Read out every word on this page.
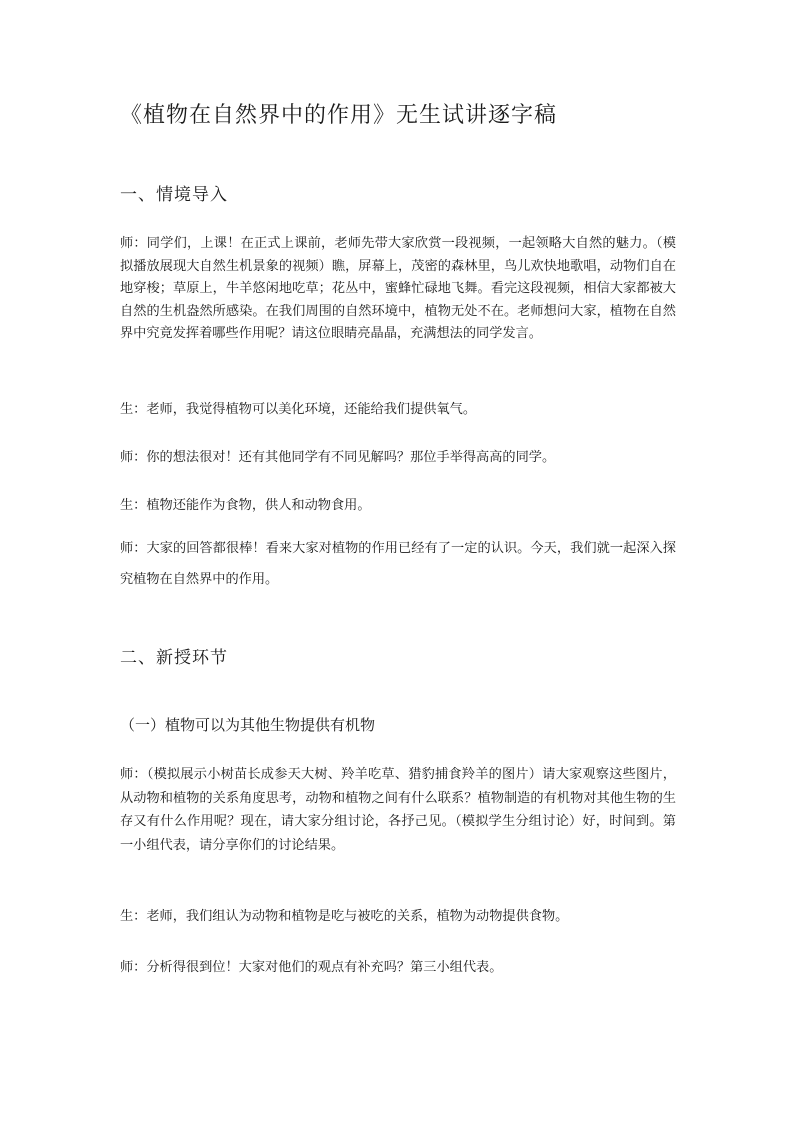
《植物在自然界中的作用》无生试讲逐字稿
一、情境导入
师：同学们，上课！在正式上课前，老师先带大家欣赏一段视频，一起领略大自然的魅力。（模拟播放展现大自然生机景象的视频）瞧，屏幕上，茂密的森林里，鸟儿欢快地歌唱，动物们自在地穿梭；草原上，牛羊悠闲地吃草；花丛中，蜜蜂忙碌地飞舞。看完这段视频，相信大家都被大自然的生机盎然所感染。在我们周围的自然环境中，植物无处不在。老师想问大家，植物在自然界中究竟发挥着哪些作用呢？请这位眼睛亮晶晶，充满想法的同学发言。
生：老师，我觉得植物可以美化环境，还能给我们提供氧气。
师：你的想法很对！还有其他同学有不同见解吗？那位手举得高高的同学。
生：植物还能作为食物，供人和动物食用。
师：大家的回答都很棒！看来大家对植物的作用已经有了一定的认识。今天，我们就一起深入探究植物在自然界中的作用。
二、新授环节
（一）植物可以为其他生物提供有机物
师：（模拟展示小树苗长成参天大树、羚羊吃草、猎豹捕食羚羊的图片）请大家观察这些图片，从动物和植物的关系角度思考，动物和植物之间有什么联系？植物制造的有机物对其他生物的生存又有什么作用呢？现在，请大家分组讨论，各抒己见。（模拟学生分组讨论）好，时间到。第一小组代表，请分享你们的讨论结果。
生：老师，我们组认为动物和植物是吃与被吃的关系，植物为动物提供食物。
师：分析得很到位！大家对他们的观点有补充吗？第三小组代表。
